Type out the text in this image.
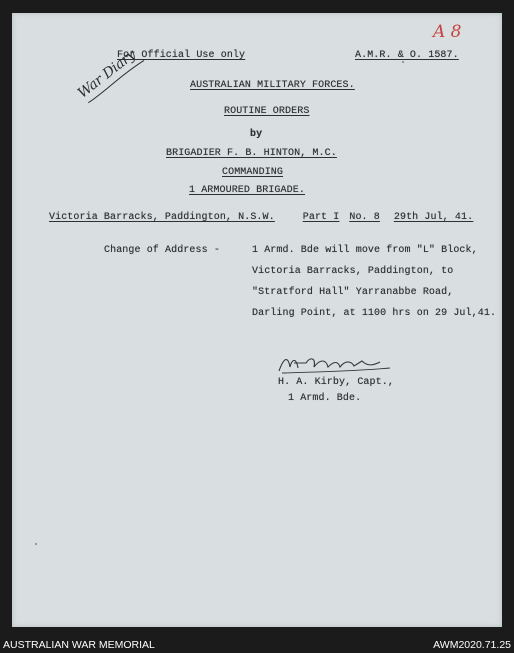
A 8
For Official Use only	A.M.R. & O. 1587.
War Diary	AUSTRALIAN MILITARY FORCES.
ROUTINE ORDERS
by
BRIGADIER F. B. HINTON, M.C.
COMMANDING
1 ARMOURED BRIGADE.
Victoria Barracks, Paddington, N.S.W.	Part I No. 8 29th Jul, 41.
Change of Address -	1 Armd. Bde will move from "L" Block,
Victoria Barracks, Paddington, to
"Stratford Hall" Yarranabbe Road,
Darling Point, at 1100 hrs on 29 Jul,41.
H. A. Kirby, Capt.,
1 Armd. Bde.
AUSTRALIAN WAR MEMORIAL	AWM2020.71.25
